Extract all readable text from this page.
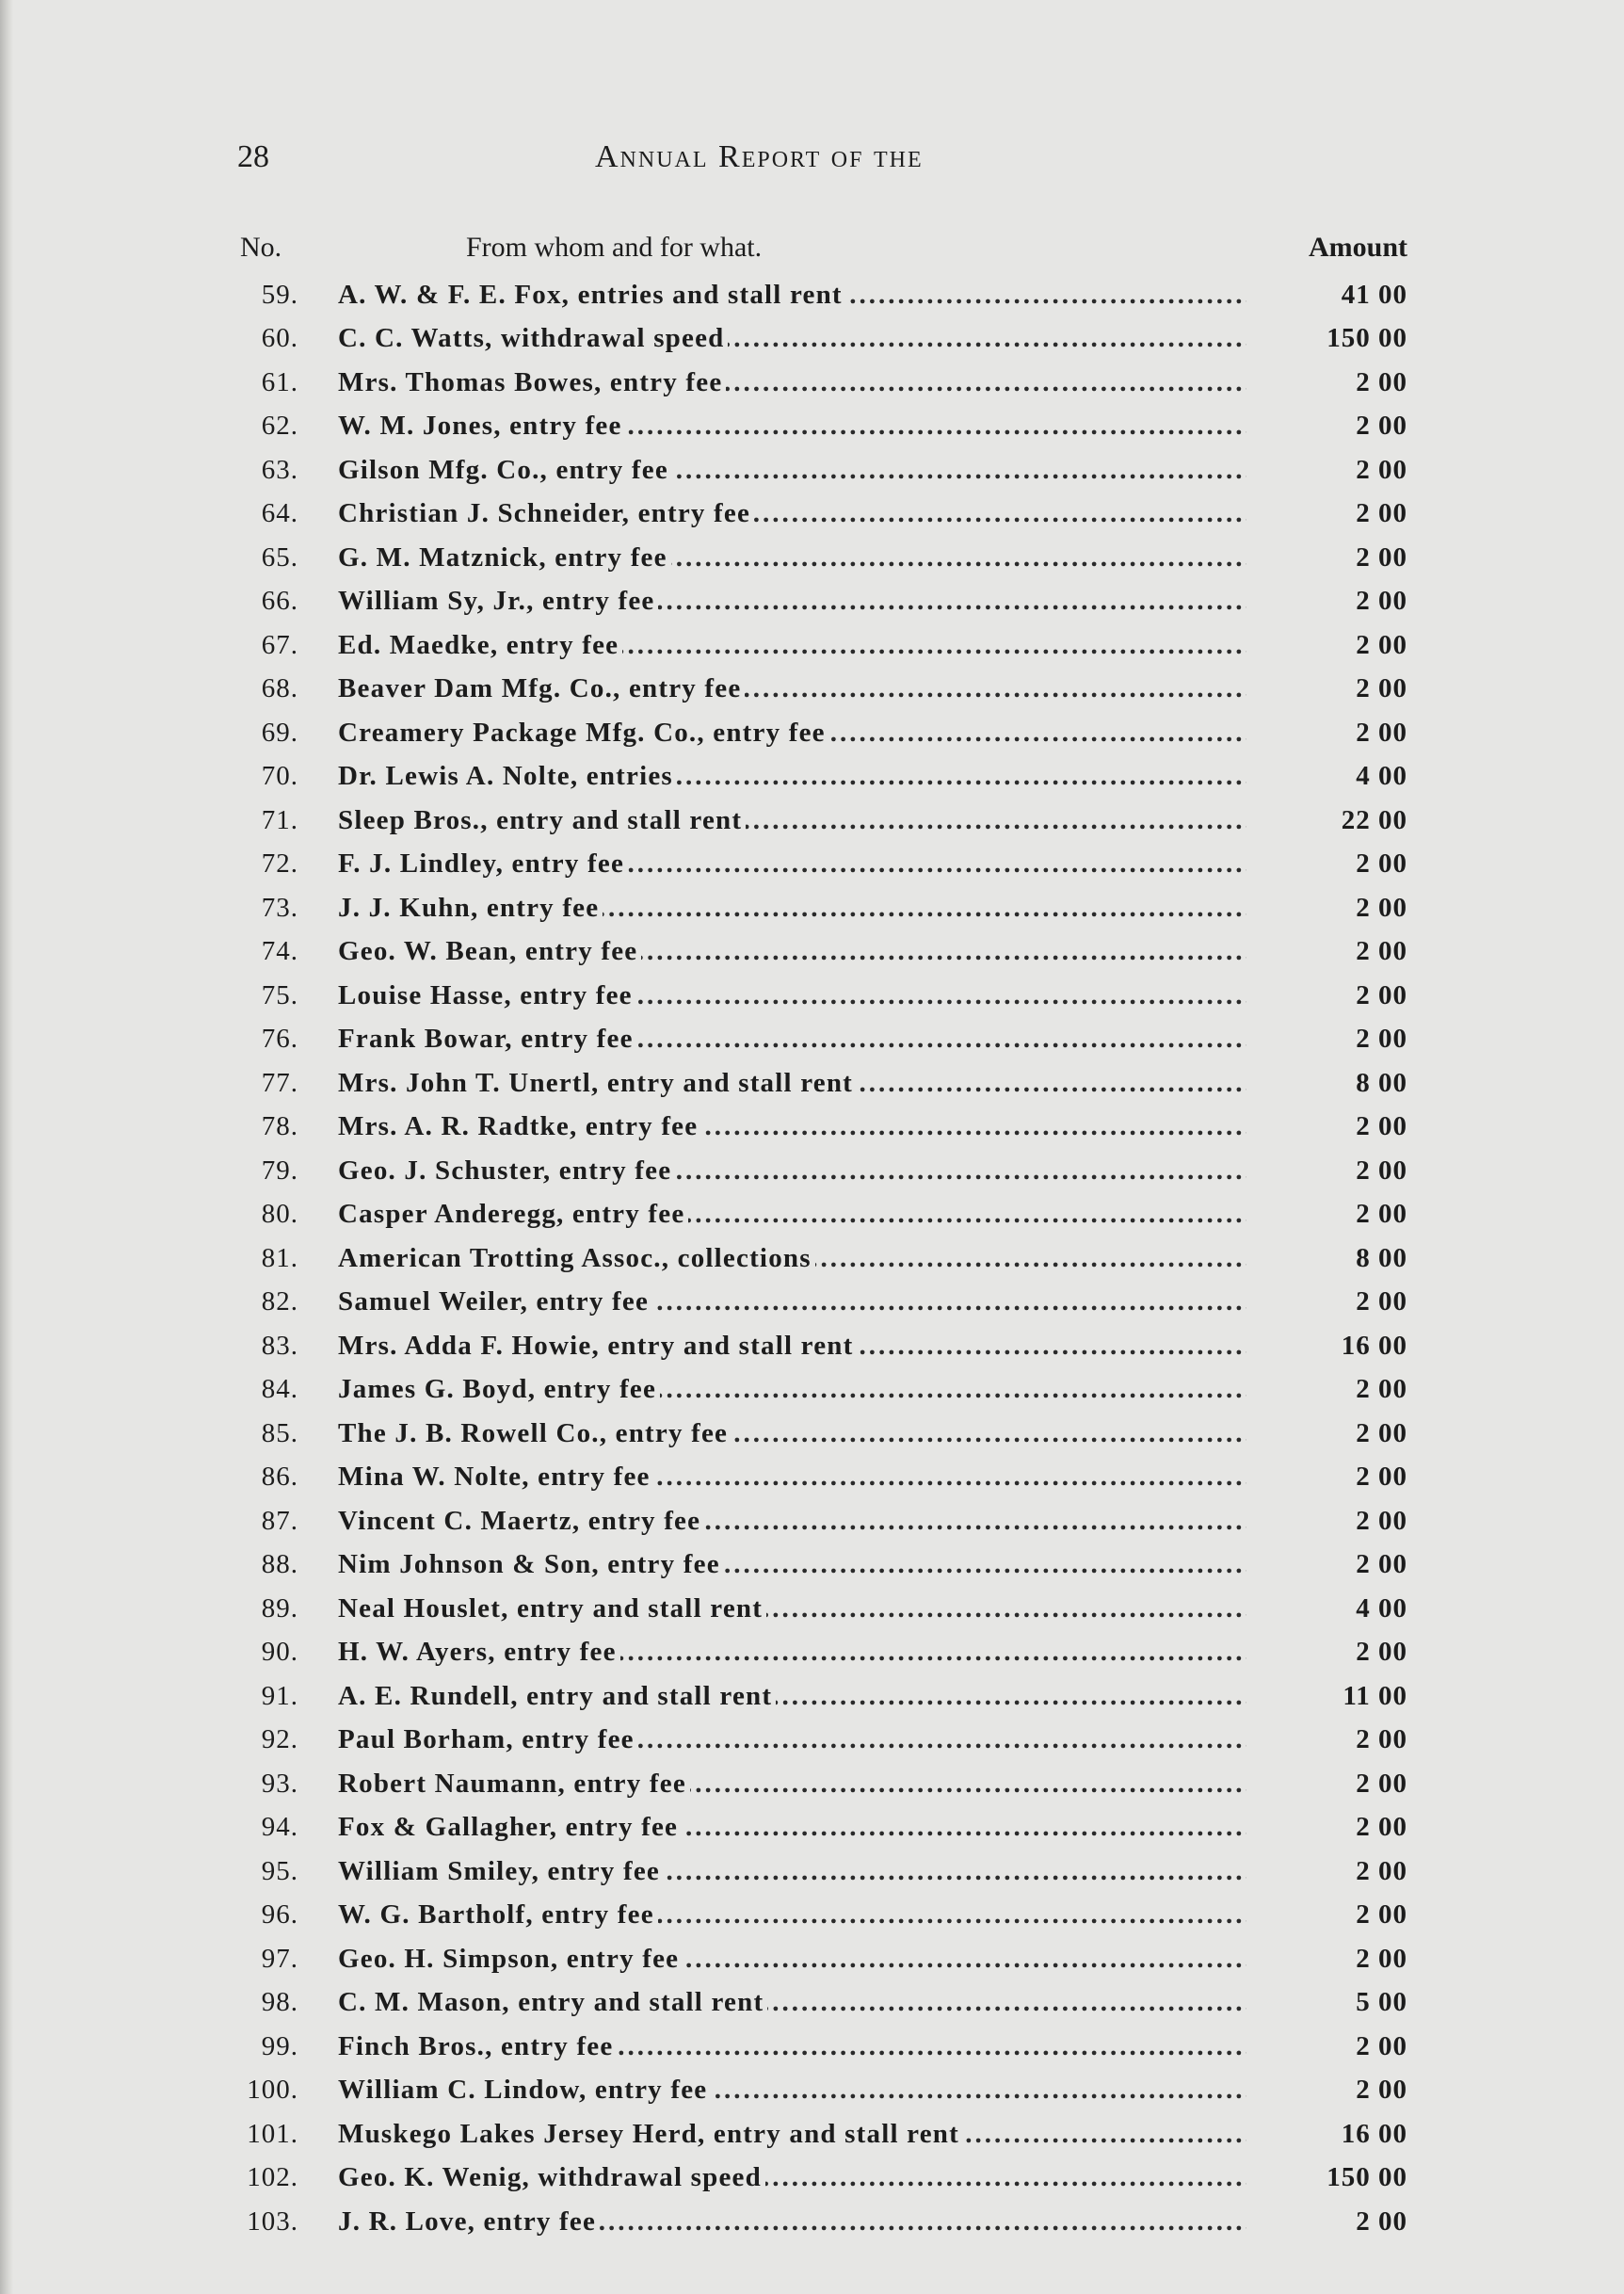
28	Annual Report of the
No.	From whom and for what.	Amount
59. A. W. & F. E. Fox, entries and stall rent .....	41 00
60. C. C. Watts, withdrawal speed .....	150 00
61. Mrs. Thomas Bowes, entry fee .....	2 00
62. W. M. Jones, entry fee .....	2 00
63. Gilson Mfg. Co., entry fee .....	2 00
64. Christian J. Schneider, entry fee .....	2 00
65. G. M. Matznick, entry fee .....	2 00
66. William Sy, Jr., entry fee .....	2 00
67. Ed. Maedke, entry fee .....	2 00
68. Beaver Dam Mfg. Co., entry fee .....	2 00
69. Creamery Package Mfg. Co., entry fee .....	2 00
70. Dr. Lewis A. Nolte, entries .....	4 00
71. Sleep Bros., entry and stall rent .....	22 00
72. F. J. Lindley, entry fee .....	2 00
73. J. J. Kuhn, entry fee .....	2 00
74. Geo. W. Bean, entry fee .....	2 00
75. Louise Hasse, entry fee .....	2 00
76. Frank Bowar, entry fee .....	2 00
77. Mrs. John T. Unertl, entry and stall rent .....	8 00
78. Mrs. A. R. Radtke, entry fee .....	2 00
79. Geo. J. Schuster, entry fee .....	2 00
80. Casper Anderegg, entry fee .....	2 00
81. American Trotting Assoc., collections .....	8 00
82. Samuel Weiler, entry fee .....	2 00
83. Mrs. Adda F. Howie, entry and stall rent .....	16 00
84. James G. Boyd, entry fee .....	2 00
85. The J. B. Rowell Co., entry fee .....	2 00
86. Mina W. Nolte, entry fee .....	2 00
87. Vincent C. Maertz, entry fee .....	2 00
88. Nim Johnson & Son, entry fee .....	2 00
89. Neal Houslet, entry and stall rent .....	4 00
90. H. W. Ayers, entry fee .....	2 00
91. A. E. Rundell, entry and stall rent .....	11 00
92. Paul Borham, entry fee .....	2 00
93. Robert Naumann, entry fee .....	2 00
94. Fox & Gallagher, entry fee .....	2 00
95. William Smiley, entry fee .....	2 00
96. W. G. Bartholf, entry fee .....	2 00
97. Geo. H. Simpson, entry fee .....	2 00
98. C. M. Mason, entry and stall rent .....	5 00
99. Finch Bros., entry fee .....	2 00
100. William C. Lindow, entry fee .....	2 00
101. Muskego Lakes Jersey Herd, entry and stall rent .....	16 00
102. Geo. K. Wenig, withdrawal speed .....	150 00
103. J. R. Love, entry fee .....	2 00
